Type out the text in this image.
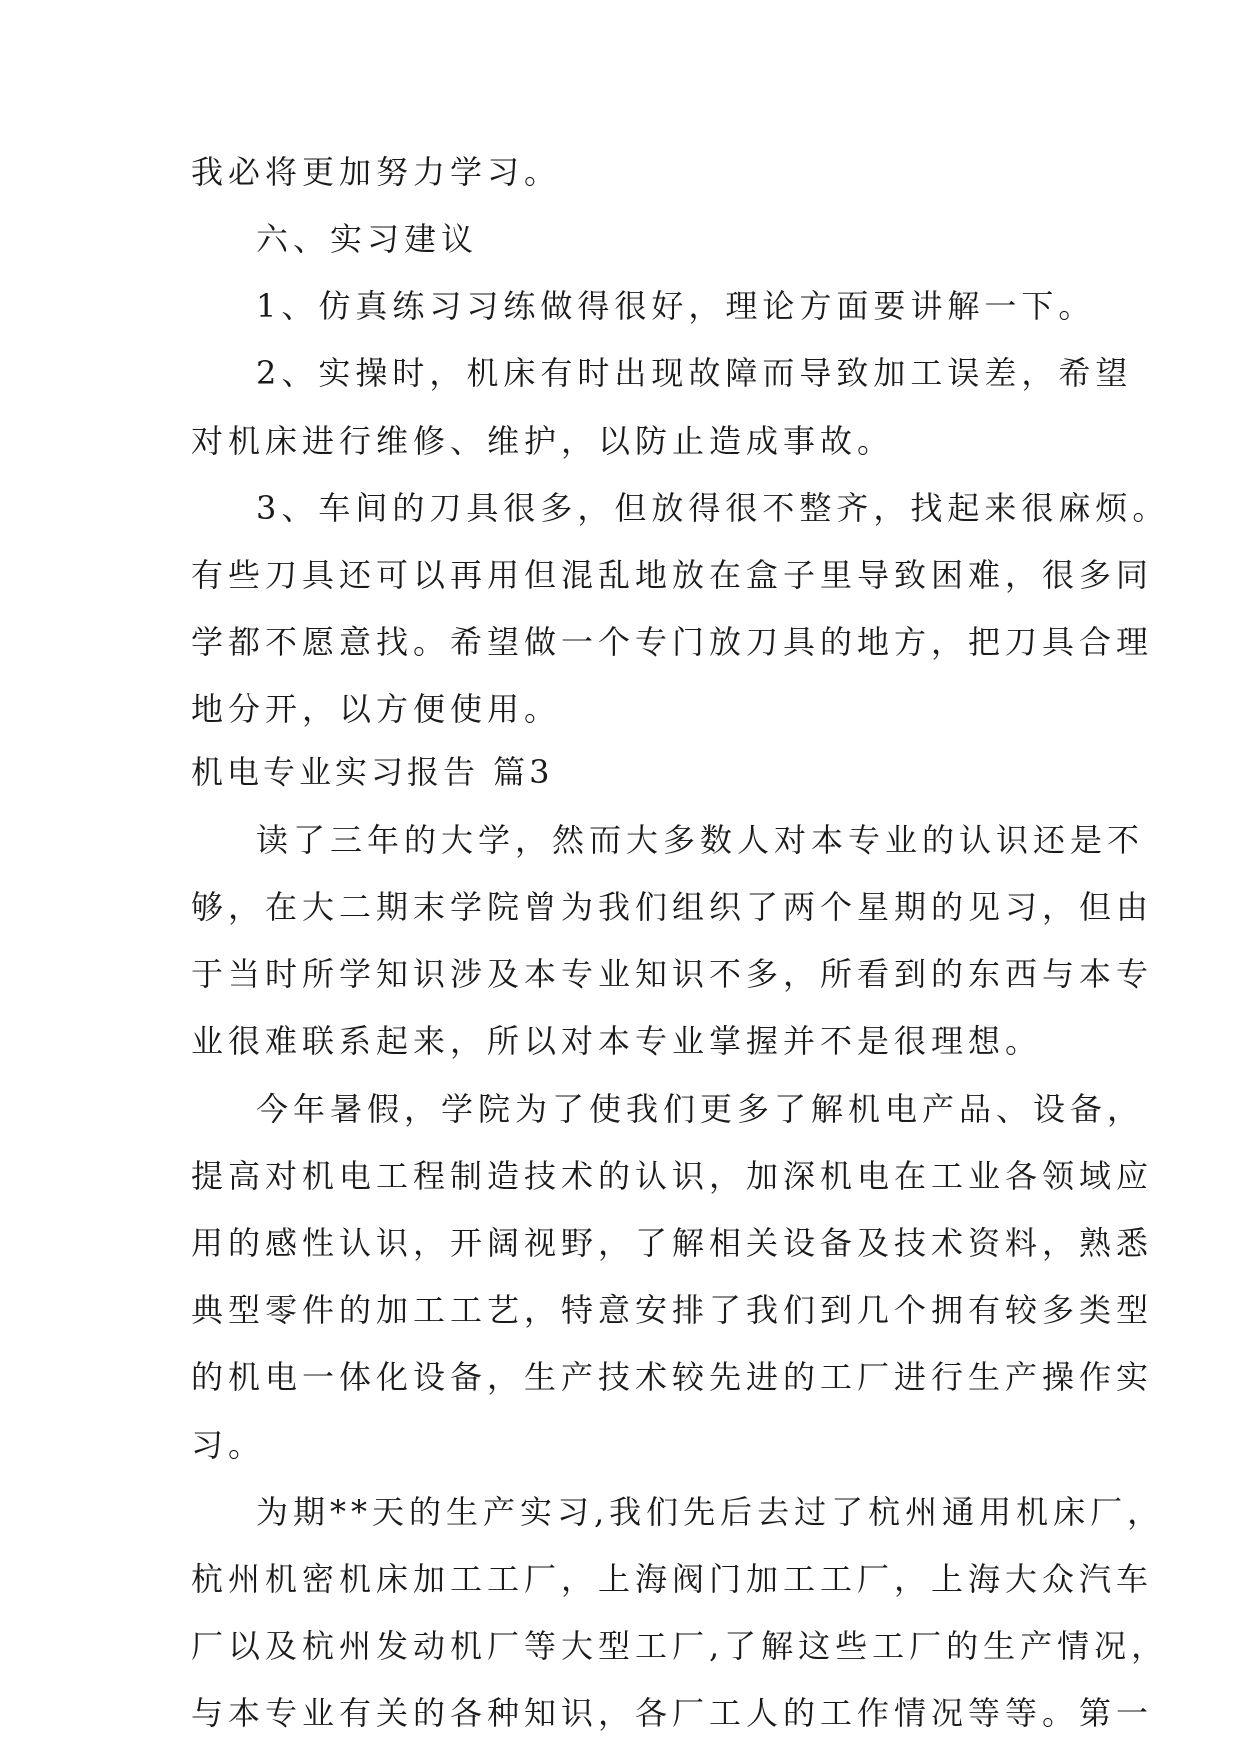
我必将更加努力学习。
六、实习建议
1、仿真练习习练做得很好，理论方面要讲解一下。
2、实操时，机床有时出现故障而导致加工误差，希望
对机床进行维修、维护，以防止造成事故。
3、车间的刀具很多，但放得很不整齐，找起来很麻烦。
有些刀具还可以再用但混乱地放在盒子里导致困难，很多同
学都不愿意找。希望做一个专门放刀具的地方，把刀具合理
地分开，以方便使用。
机电专业实习报告 篇3
读了三年的大学，然而大多数人对本专业的认识还是不
够，在大二期末学院曾为我们组织了两个星期的见习，但由
于当时所学知识涉及本专业知识不多，所看到的东西与本专
业很难联系起来，所以对本专业掌握并不是很理想。
今年暑假，学院为了使我们更多了解机电产品、设备，
提高对机电工程制造技术的认识，加深机电在工业各领域应
用的感性认识，开阔视野，了解相关设备及技术资料，熟悉
典型零件的加工工艺，特意安排了我们到几个拥有较多类型
的机电一体化设备，生产技术较先进的工厂进行生产操作实
习。
为期**天的生产实习,我们先后去过了杭州通用机床厂，
杭州机密机床加工工厂，上海阀门加工工厂，上海大众汽车
厂以及杭州发动机厂等大型工厂,了解这些工厂的生产情况，
与本专业有关的各种知识，各厂工人的工作情况等等。第一
